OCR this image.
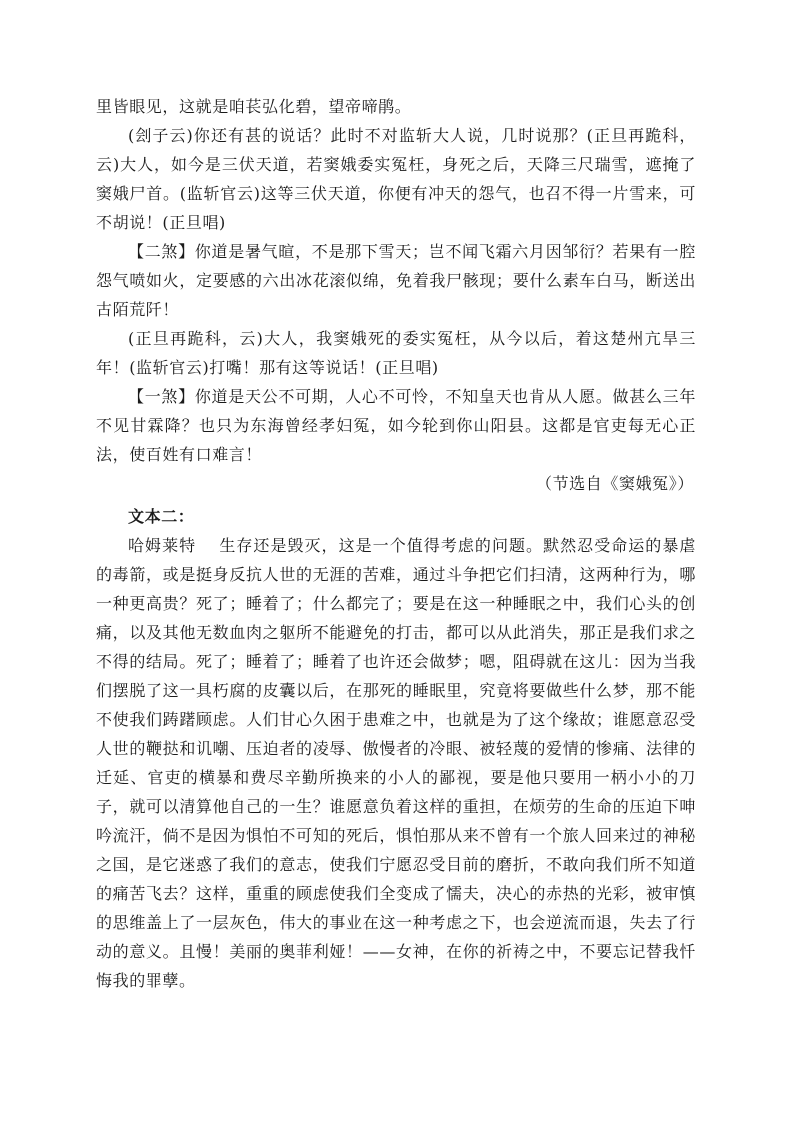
里皆眼见，这就是咱苌弘化碧，望帝啼鹃。

(刽子云)你还有甚的说话？此时不对监斩大人说，几时说那？(正旦再跪科，云)大人，如今是三伏天道，若窦娥委实冤枉，身死之后，天降三尺瑞雪，遮掩了窦娥尸首。(监斩官云)这等三伏天道，你便有冲天的怨气，也召不得一片雪来，可不胡说！(正旦唱)

【二煞】你道是暑气暄，不是那下雪天；岂不闻飞霜六月因邹衍？若果有一腔怨气喷如火，定要感的六出冰花滚似绵，免着我尸骸现；要什么素车白马，断送出古陌荒阡！

(正旦再跪科，云)大人，我窦娥死的委实冤枉，从今以后，着这楚州亢旱三年！(监斩官云)打嘴！那有这等说话！(正旦唱)

【一煞】你道是天公不可期，人心不可怜，不知皇天也肯从人愿。做甚么三年不见甘霖降？也只为东海曾经孝妇冤，如今轮到你山阳县。这都是官吏每无心正法，使百姓有口难言！

（节选自《窦娥冤》）

文本二：

哈姆莱特　 生存还是毁灭，这是一个值得考虑的问题。默然忍受命运的暴虐的毒箭，或是挺身反抗人世的无涯的苦难，通过斗争把它们扫清，这两种行为，哪一种更高贵？死了；睡着了；什么都完了；要是在这一种睡眠之中，我们心头的创痛，以及其他无数血肉之躯所不能避免的打击，都可以从此消失，那正是我们求之不得的结局。死了；睡着了；睡着了也许还会做梦；嗯，阻碍就在这儿：因为当我们摆脱了这一具朽腐的皮囊以后，在那死的睡眠里，究竟将要做些什么梦，那不能不使我们踌躇顾虑。人们甘心久困于患难之中，也就是为了这个缘故；谁愿意忍受人世的鞭挞和讥嘲、压迫者的凌辱、傲慢者的冷眼、被轻蔑的爱情的惨痛、法律的迁延、官吏的横暴和费尽辛勤所换来的小人的鄙视，要是他只要用一柄小小的刀子，就可以清算他自己的一生？谁愿意负着这样的重担，在烦劳的生命的压迫下呻吟流汗，倘不是因为惧怕不可知的死后，惧怕那从来不曾有一个旅人回来过的神秘之国，是它迷惑了我们的意志，使我们宁愿忍受目前的磨折，不敢向我们所不知道的痛苦飞去？这样，重重的顾虑使我们全变成了懦夫，决心的赤热的光彩，被审慎的思维盖上了一层灰色，伟大的事业在这一种考虑之下，也会逆流而退，失去了行动的意义。且慢！美丽的奥菲利娅！——女神，在你的祈祷之中，不要忘记替我忏悔我的罪孽。
